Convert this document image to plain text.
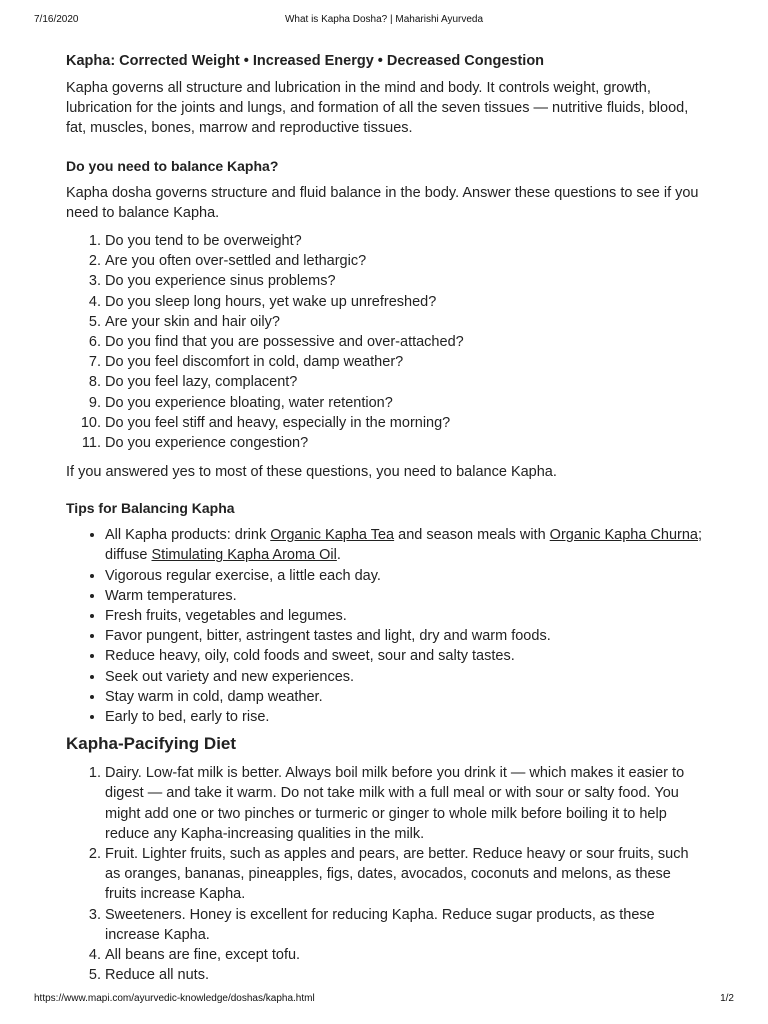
7/16/2020	What is Kapha Dosha? | Maharishi Ayurveda
Kapha: Corrected Weight • Increased Energy • Decreased Congestion

Kapha governs all structure and lubrication in the mind and body. It controls weight, growth, lubrication for the joints and lungs, and formation of all the seven tissues — nutritive fluids, blood, fat, muscles, bones, marrow and reproductive tissues.

Do you need to balance Kapha?

Kapha dosha governs structure and fluid balance in the body. Answer these questions to see if you need to balance Kapha.

1. Do you tend to be overweight?
2. Are you often over-settled and lethargic?
3. Do you experience sinus problems?
4. Do you sleep long hours, yet wake up unrefreshed?
5. Are your skin and hair oily?
6. Do you find that you are possessive and over-attached?
7. Do you feel discomfort in cold, damp weather?
8. Do you feel lazy, complacent?
9. Do you experience bloating, water retention?
10. Do you feel stiff and heavy, especially in the morning?
11. Do you experience congestion?

If you answered yes to most of these questions, you need to balance Kapha.

Tips for Balancing Kapha
• All Kapha products: drink Organic Kapha Tea and season meals with Organic Kapha Churna; diffuse Stimulating Kapha Aroma Oil.
• Vigorous regular exercise, a little each day.
• Warm temperatures.
• Fresh fruits, vegetables and legumes.
• Favor pungent, bitter, astringent tastes and light, dry and warm foods.
• Reduce heavy, oily, cold foods and sweet, sour and salty tastes.
• Seek out variety and new experiences.
• Stay warm in cold, damp weather.
• Early to bed, early to rise.
Kapha-Pacifying Diet
1. Dairy. Low-fat milk is better. Always boil milk before you drink it — which makes it easier to digest — and take it warm. Do not take milk with a full meal or with sour or salty food. You might add one or two pinches or turmeric or ginger to whole milk before boiling it to help reduce any Kapha-increasing qualities in the milk.
2. Fruit. Lighter fruits, such as apples and pears, are better. Reduce heavy or sour fruits, such as oranges, bananas, pineapples, figs, dates, avocados, coconuts and melons, as these fruits increase Kapha.
3. Sweeteners. Honey is excellent for reducing Kapha. Reduce sugar products, as these increase Kapha.
4. All beans are fine, except tofu.
5. Reduce all nuts.
https://www.mapi.com/ayurvedic-knowledge/doshas/kapha.html	1/2
